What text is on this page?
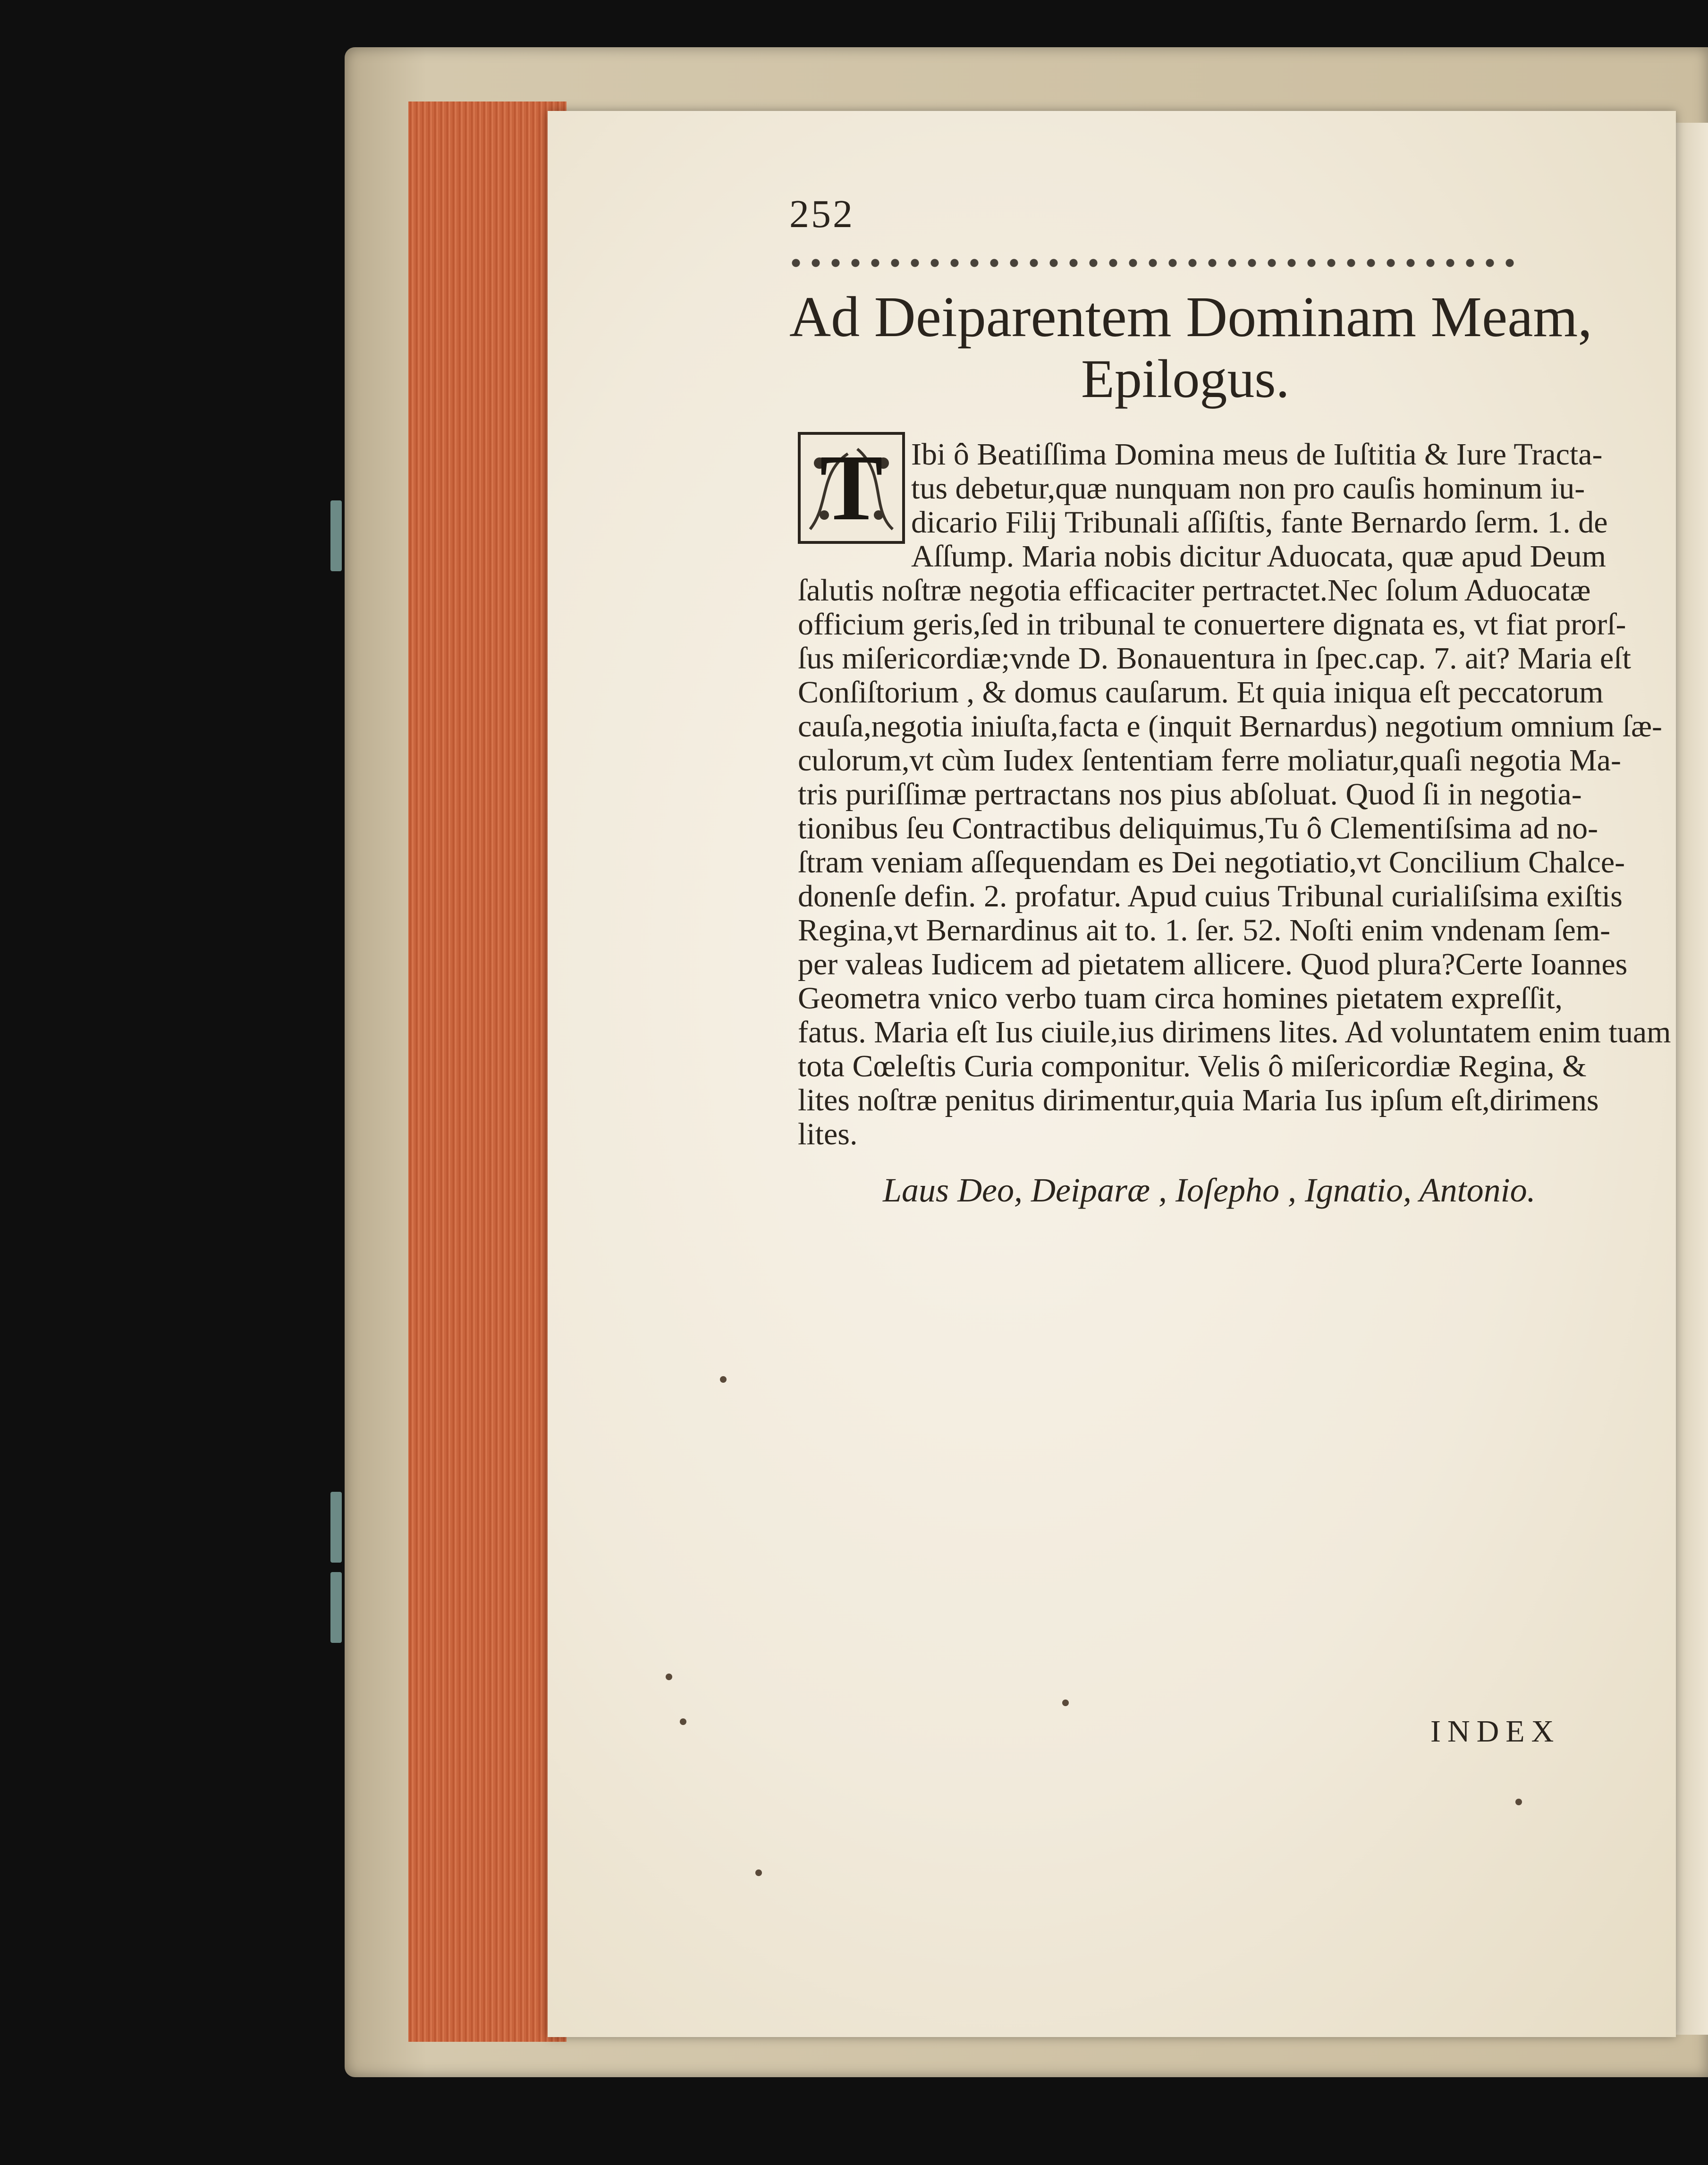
252
Ad Deiparentem Dominam Meam,
Epilogus.
T Ibi ô Beatiſſima Domina meus de Iuſtitia & Iure Tracta-
tus debetur,quæ nunquam non pro cauſis hominum iu-
dicario Filij Tribunali aſſiſtis, fante Bernardo ſerm. 1. de
Aſſump. Maria nobis dicitur Aduocata, quæ apud Deum
ſalutis noſtræ negotia efficaciter pertractet.Nec ſolum Aduocatæ
officium geris,ſed in tribunal te conuertere dignata es, vt fiat prorſ-
ſus miſericordiæ;vnde D. Bonauentura in ſpec.cap. 7. ait? Maria eſt
Conſiſtorium , & domus cauſarum. Et quia iniqua eſt peccatorum
cauſa,negotia iniuſta,facta e (inquit Bernardus) negotium omnium ſæ-
culorum,vt cùm Iudex ſententiam ferre moliatur,quaſi negotia Ma-
tris puriſſimæ pertractans nos pius abſoluat. Quod ſi in negotia-
tionibus ſeu Contractibus deliquimus,Tu ô Clementiſsima ad no-
ſtram veniam aſſequendam es Dei negotiatio,vt Concilium Chalce-
donenſe defin. 2. profatur. Apud cuius Tribunal curialiſsima exiſtis
Regina,vt Bernardinus ait to. 1. ſer. 52. Noſti enim vndenam ſem-
per valeas Iudicem ad pietatem allicere. Quod plura?Certe Ioannes
Geometra vnico verbo tuam circa homines pietatem expreſſit,
fatus. Maria eſt Ius ciuile,ius dirimens lites. Ad voluntatem enim tuam
tota Cœleſtis Curia componitur. Velis ô miſericordiæ Regina, &
lites noſtræ penitus dirimentur,quia Maria Ius ipſum eſt,dirimens
lites.
Laus Deo, Deiparæ , Ioſepho , Ignatio, Antonio.
INDEX
